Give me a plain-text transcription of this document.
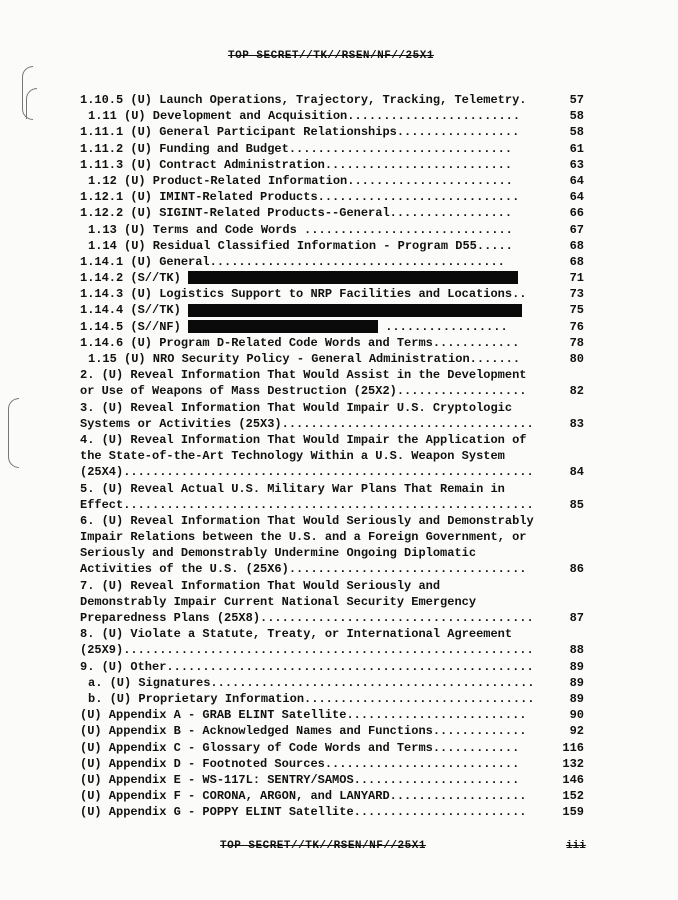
TOP SECRET//TK//RSEN/NF//25X1
1.10.5 (U) Launch Operations, Trajectory, Tracking, Telemetry.	57
1.11 (U) Development and Acquisition........................	58
1.11.1 (U) General Participant Relationships.................	58
1.11.2 (U) Funding and Budget...............................	61
1.11.3 (U) Contract Administration..........................	63
1.12 (U) Product-Related Information.......................	64
1.12.1 (U) IMINT-Related Products............................	64
1.12.2 (U) SIGINT-Related Products--General.................	66
1.13 (U) Terms and Code Words .............................	67
1.14 (U) Residual Classified Information - Program D55.....	68
1.14.1 (U) General.........................................	68
1.14.2 (S//TK)	71
1.14.3 (U) Logistics Support to NRP Facilities and Locations..	73
1.14.4 (S//TK)	75
1.14.5 (S//NF)	.................	76
1.14.6 (U) Program D-Related Code Words and Terms............	78
1.15 (U) NRO Security Policy - General Administration.......	80
2. (U) Reveal Information That Would Assist in the Development
or Use of Weapons of Mass Destruction (25X2)..................	82
3. (U) Reveal Information That Would Impair U.S. Cryptologic
Systems or Activities (25X3)...................................	83
4. (U) Reveal Information That Would Impair the Application of
the State-of-the-Art Technology Within a U.S. Weapon System
(25X4).........................................................	84
5. (U) Reveal Actual U.S. Military War Plans That Remain in
Effect.........................................................	85
6. (U) Reveal Information That Would Seriously and Demonstrably
Impair Relations between the U.S. and a Foreign Government, or
Seriously and Demonstrably Undermine Ongoing Diplomatic
Activities of the U.S. (25X6).................................	86
7. (U) Reveal Information That Would Seriously and
Demonstrably Impair Current National Security Emergency
Preparedness Plans (25X8)......................................	87
8. (U) Violate a Statute, Treaty, or International Agreement
(25X9).........................................................	88
9. (U) Other...................................................	89
a. (U) Signatures.............................................	89
b. (U) Proprietary Information................................	89
(U) Appendix A - GRAB ELINT Satellite.........................	90
(U) Appendix B - Acknowledged Names and Functions.............	92
(U) Appendix C - Glossary of Code Words and Terms............	116
(U) Appendix D - Footnoted Sources...........................	132
(U) Appendix E - WS-117L: SENTRY/SAMOS.......................	146
(U) Appendix F - CORONA, ARGON, and LANYARD...................	152
(U) Appendix G - POPPY ELINT Satellite........................	159
TOP SECRET//TK//RSEN/NF//25X1	iii
